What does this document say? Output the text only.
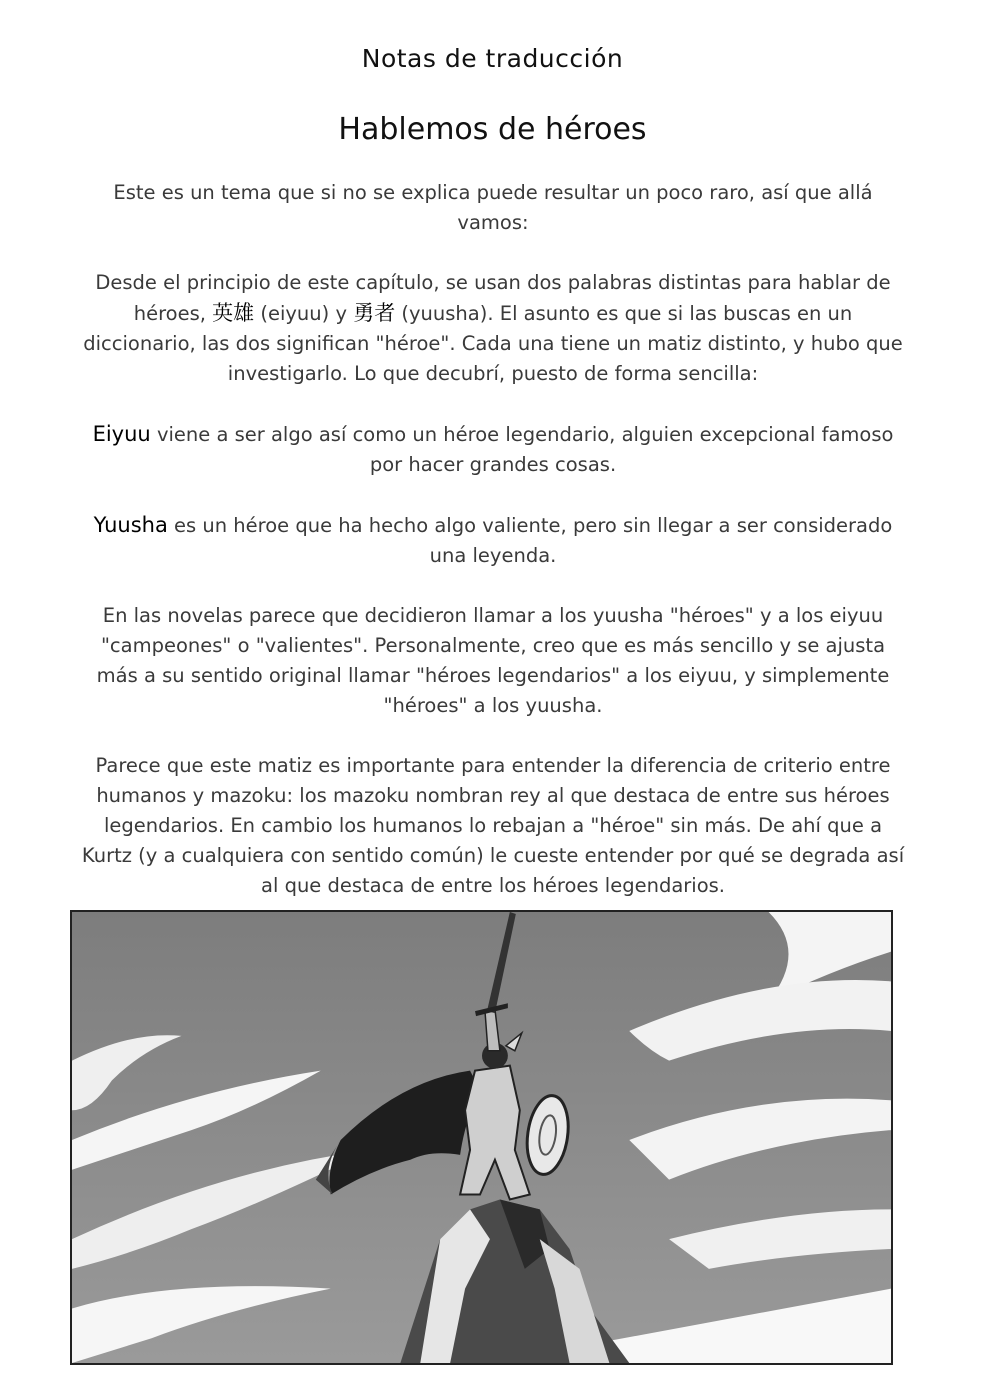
Notas de traducción
Hablemos de héroes

Este es un tema que si no se explica puede resultar un poco raro, así que allá vamos:

Desde el principio de este capítulo, se usan dos palabras distintas para hablar de héroes, 英雄 (eiyuu) y 勇者 (yuusha). El asunto es que si las buscas en un diccionario, las dos significan "héroe". Cada una tiene un matiz distinto, y hubo que investigarlo. Lo que decubrí, puesto de forma sencilla:

Eiyuu viene a ser algo así como un héroe legendario, alguien excepcional famoso por hacer grandes cosas.

Yuusha es un héroe que ha hecho algo valiente, pero sin llegar a ser considerado una leyenda.

En las novelas parece que decidieron llamar a los yuusha "héroes" y a los eiyuu "campeones" o "valientes". Personalmente, creo que es más sencillo y se ajusta más a su sentido original llamar "héroes legendarios" a los eiyuu, y simplemente "héroes" a los yuusha.

Parece que este matiz es importante para entender la diferencia de criterio entre humanos y mazoku: los mazoku nombran rey al que destaca de entre sus héroes legendarios. En cambio los humanos lo rebajan a "héroe" sin más. De ahí que a Kurtz (y a cualquiera con sentido común) le cueste entender por qué se degrada así al que destaca de entre los héroes legendarios.
